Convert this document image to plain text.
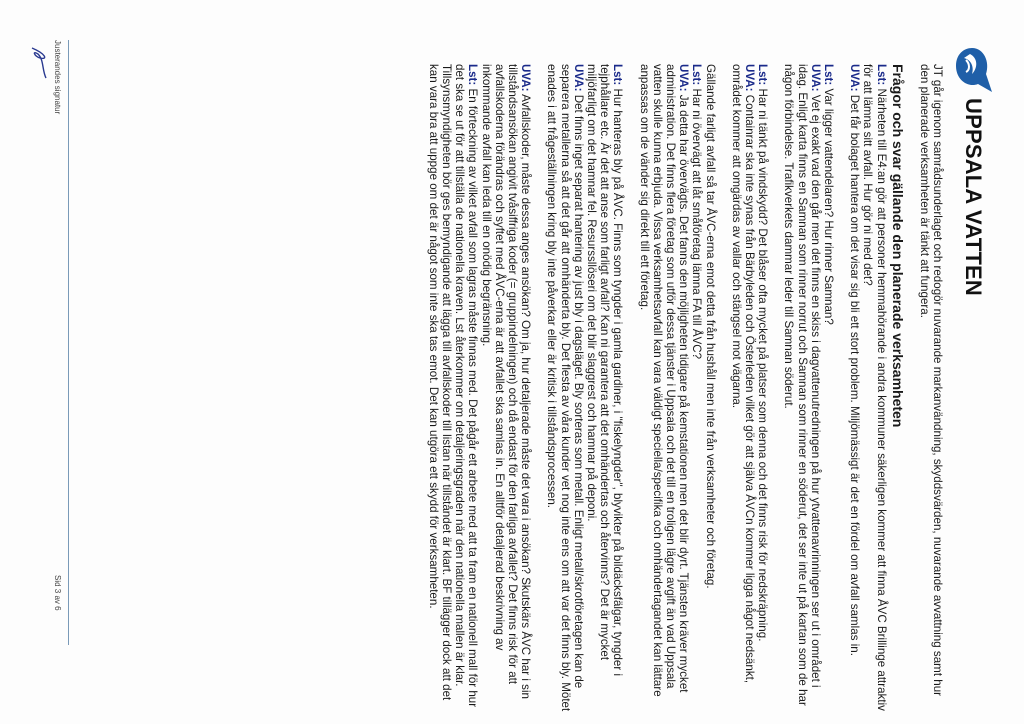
UPPSALA VATTEN

JT går igenom samrådsunderlaget och redogör nuvarande markanvändning, skyddsvärden, nuvarande avvattning samt hur den planerade verksamheten är tänkt att fungera.

Frågor och svar gällande den planerade verksamheten

Lst: Närheten till E4:an gör att personer hemmahörande i andra kommuner säkerligen kommer att finna ÅVC Brillinge attraktiv för att lämna sitt avfall. Hur gör ni med det?

UVA: Det får bolaget hantera om det visar sig bli ett stort problem. Miljömässigt är det en fördel om avfall samlas in.

Lst: Var ligger vattendelaren? Hur rinner Samnan?

UVA: Vet ej exakt vad den går men det finns en skiss i dagvattenutredningen på hur ytvattenavrinningen ser ut i området i idag. Enligt karta finns en Samnan som rinner norrut och Samnan som rinner en söderut, det ser inte ut på kartan som de har någon förbindelse. Trafikverkets dammar leder till Samnan söderut.

Lst: Har ni tänkt på vindskydd? Det blåser ofta mycket på platser som denna och det finns risk för nedskräpning.

UVA: Containrar ska inte synas från Bärbyleden och Österleden vilket gör att själva ÅVCn kommer ligga något nedsänkt, området kommer att omgärdas av vallar och stängsel mot vägarna.

Gällande farligt avfall så tar ÅVC-erna emot detta från hushåll men inte från verksamheter och företag.

Lst: Har ni övervägt att låt småföretag lämna FA till ÅVC?

UVA: Ja detta har övervägts. Det fanns den möjligheten tidigare på kemstationen men det blir dyrt. Tjänsten kräver mycket administration. Det finns flera företag som utför dessa tjänster i Uppsala och det till en troligen lägre avgift än vad Uppsala vatten skulle kunna erbjuda. Vissa verksamhetsavfall kan vara väldigt speciella/specifika och omhändertagandet kan lättare anpassas om de vänder sig direkt till ett företag.

Lst: Hur hanteras bly på ÅVC. Finns som tyngder i gamla gardiner, i "fiskelyngder", blyvikter på bildäcksfälgar, tyngder i tejphållare etc. Är det att anse som farligt avfall? Kan ni garantera att det omhändertas och återvinns? Det är mycket miljöfarligt om det hamnar fel. Resurssllöseri om det blir slaggrest och hamnar på deponi.

UVA: Det finns inget separat hantering av just bly i dagsläget. Bly sorteras som metall. Enligt metall/skrotföretagen kan de separera metallerna så att det går att omhändertа bly. Det flesta av våra kunder vet nog inte ens om att var det finns bly. Mötet enades i att frågeställningen kring bly inte påverkar eller är kritisk i tillståndsprocessen.

UVA: Avfallskoder, måste dessa anges ansökan? Om ja, hur detaljerade måste det vara i ansökan? Skutskärs ÅVC har i sin tillståndsansökan angivit tvåsiffriga koder (= gruppindelningen) och då endast för den farliga avfallet? Det finns risk för att avfallskoderna förändras och syftet med ÅVC-erna är att avfallet ska samlas in. En alltför detaljerad beskrivning av inkommande avfall kan leda till en onödig begränsning.

Lst: En förteckning av vilket avfall som lagras måste finnas med. Det pågår ett arbete med att ta fram en nationell mall för hur det ska se ut för att tillställa de nationella kraven. Lst återkommer om detaljeringsgraden när den nationella mallen är klar. Tillsynsmyndigheten bör ges bemyndigande att lägga till avfallskoder till listan när tillståndet är klart. BF tillägger dock att det kan vara bra att uppge om det är något som inte ska tas emot. Det kan utgöra ett skydd för verksamheten.

Justerandes signatur
Sid 3 av 6
